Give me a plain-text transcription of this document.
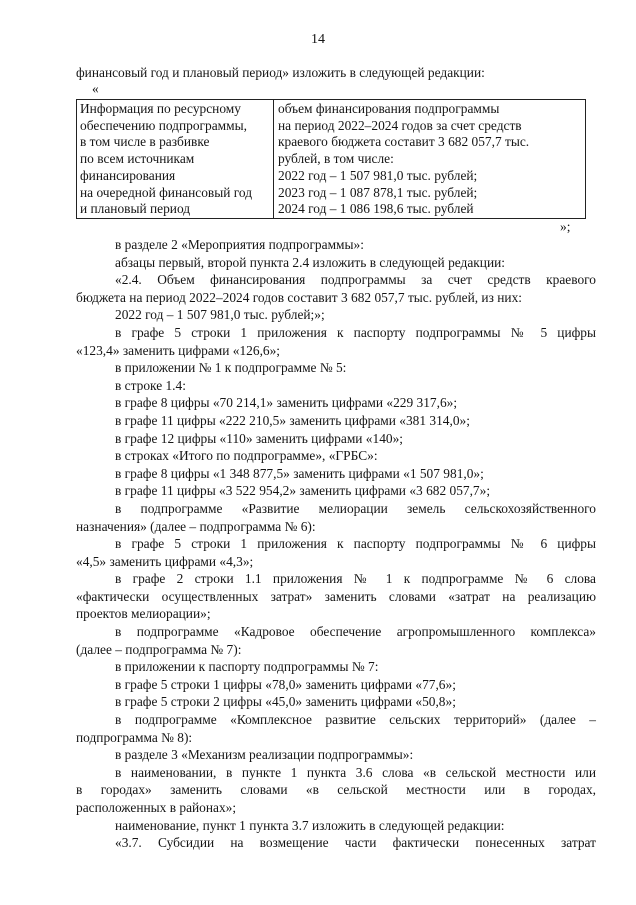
14
финансовый год и плановый период» изложить в следующей редакции:
«
Информация по ресурсному
обеспечению подпрограммы,
в том числе в разбивке
по всем источникам
финансирования
на очередной финансовый год
и плановый период
объем финансирования подпрограммы
на период 2022–2024 годов за счет средств
краевого бюджета составит 3 682 057,7 тыс.
рублей, в том числе:
2022 год – 1 507 981,0 тыс. рублей;
2023 год – 1 087 878,1 тыс. рублей;
2024 год – 1 086 198,6 тыс. рублей
»;

в разделе 2 «Мероприятия подпрограммы»:

абзацы первый, второй пункта 2.4 изложить в следующей редакции:

«2.4. Объем финансирования подпрограммы за счет средств краевого

бюджета на период 2022–2024 годов составит 3 682 057,7 тыс. рублей, из них:

2022 год – 1 507 981,0 тыс. рублей;»;

в графе 5 строки 1 приложения к паспорту подпрограммы № 5 цифры

«123,4» заменить цифрами «126,6»;

в приложении № 1 к подпрограмме № 5:

в строке 1.4:

в графе 8 цифры «70 214,1» заменить цифрами «229 317,6»;

в графе 11 цифры «222 210,5» заменить цифрами «381 314,0»;

в графе 12 цифры «110» заменить цифрами «140»;

в строках «Итого по подпрограмме», «ГРБС»:

в графе 8 цифры «1 348 877,5» заменить цифрами «1 507 981,0»;

в графе 11 цифры «3 522 954,2» заменить цифрами «3 682 057,7»;

в подпрограмме «Развитие мелиорации земель сельскохозяйственного

назначения» (далее – подпрограмма № 6):

в графе 5 строки 1 приложения к паспорту подпрограммы № 6 цифры

«4,5» заменить цифрами «4,3»;

в графе 2 строки 1.1 приложения № 1 к подпрограмме № 6 слова

«фактически осуществленных затрат» заменить словами «затрат на реализацию

проектов мелиорации»;

в подпрограмме «Кадровое обеспечение агропромышленного комплекса»

(далее – подпрограмма № 7):

в приложении к паспорту подпрограммы № 7:

в графе 5 строки 1 цифры «78,0» заменить цифрами «77,6»;

в графе 5 строки 2 цифры «45,0» заменить цифрами «50,8»;

в подпрограмме «Комплексное развитие сельских территорий» (далее –

подпрограмма № 8):

в разделе 3 «Механизм реализации подпрограммы»:

в наименовании, в пункте 1 пункта 3.6 слова «в сельской местности или

в городах» заменить словами «в сельской местности или в городах,

расположенных в районах»;

наименование, пункт 1 пункта 3.7 изложить в следующей редакции:

«3.7. Субсидии на возмещение части фактически понесенных затрат
